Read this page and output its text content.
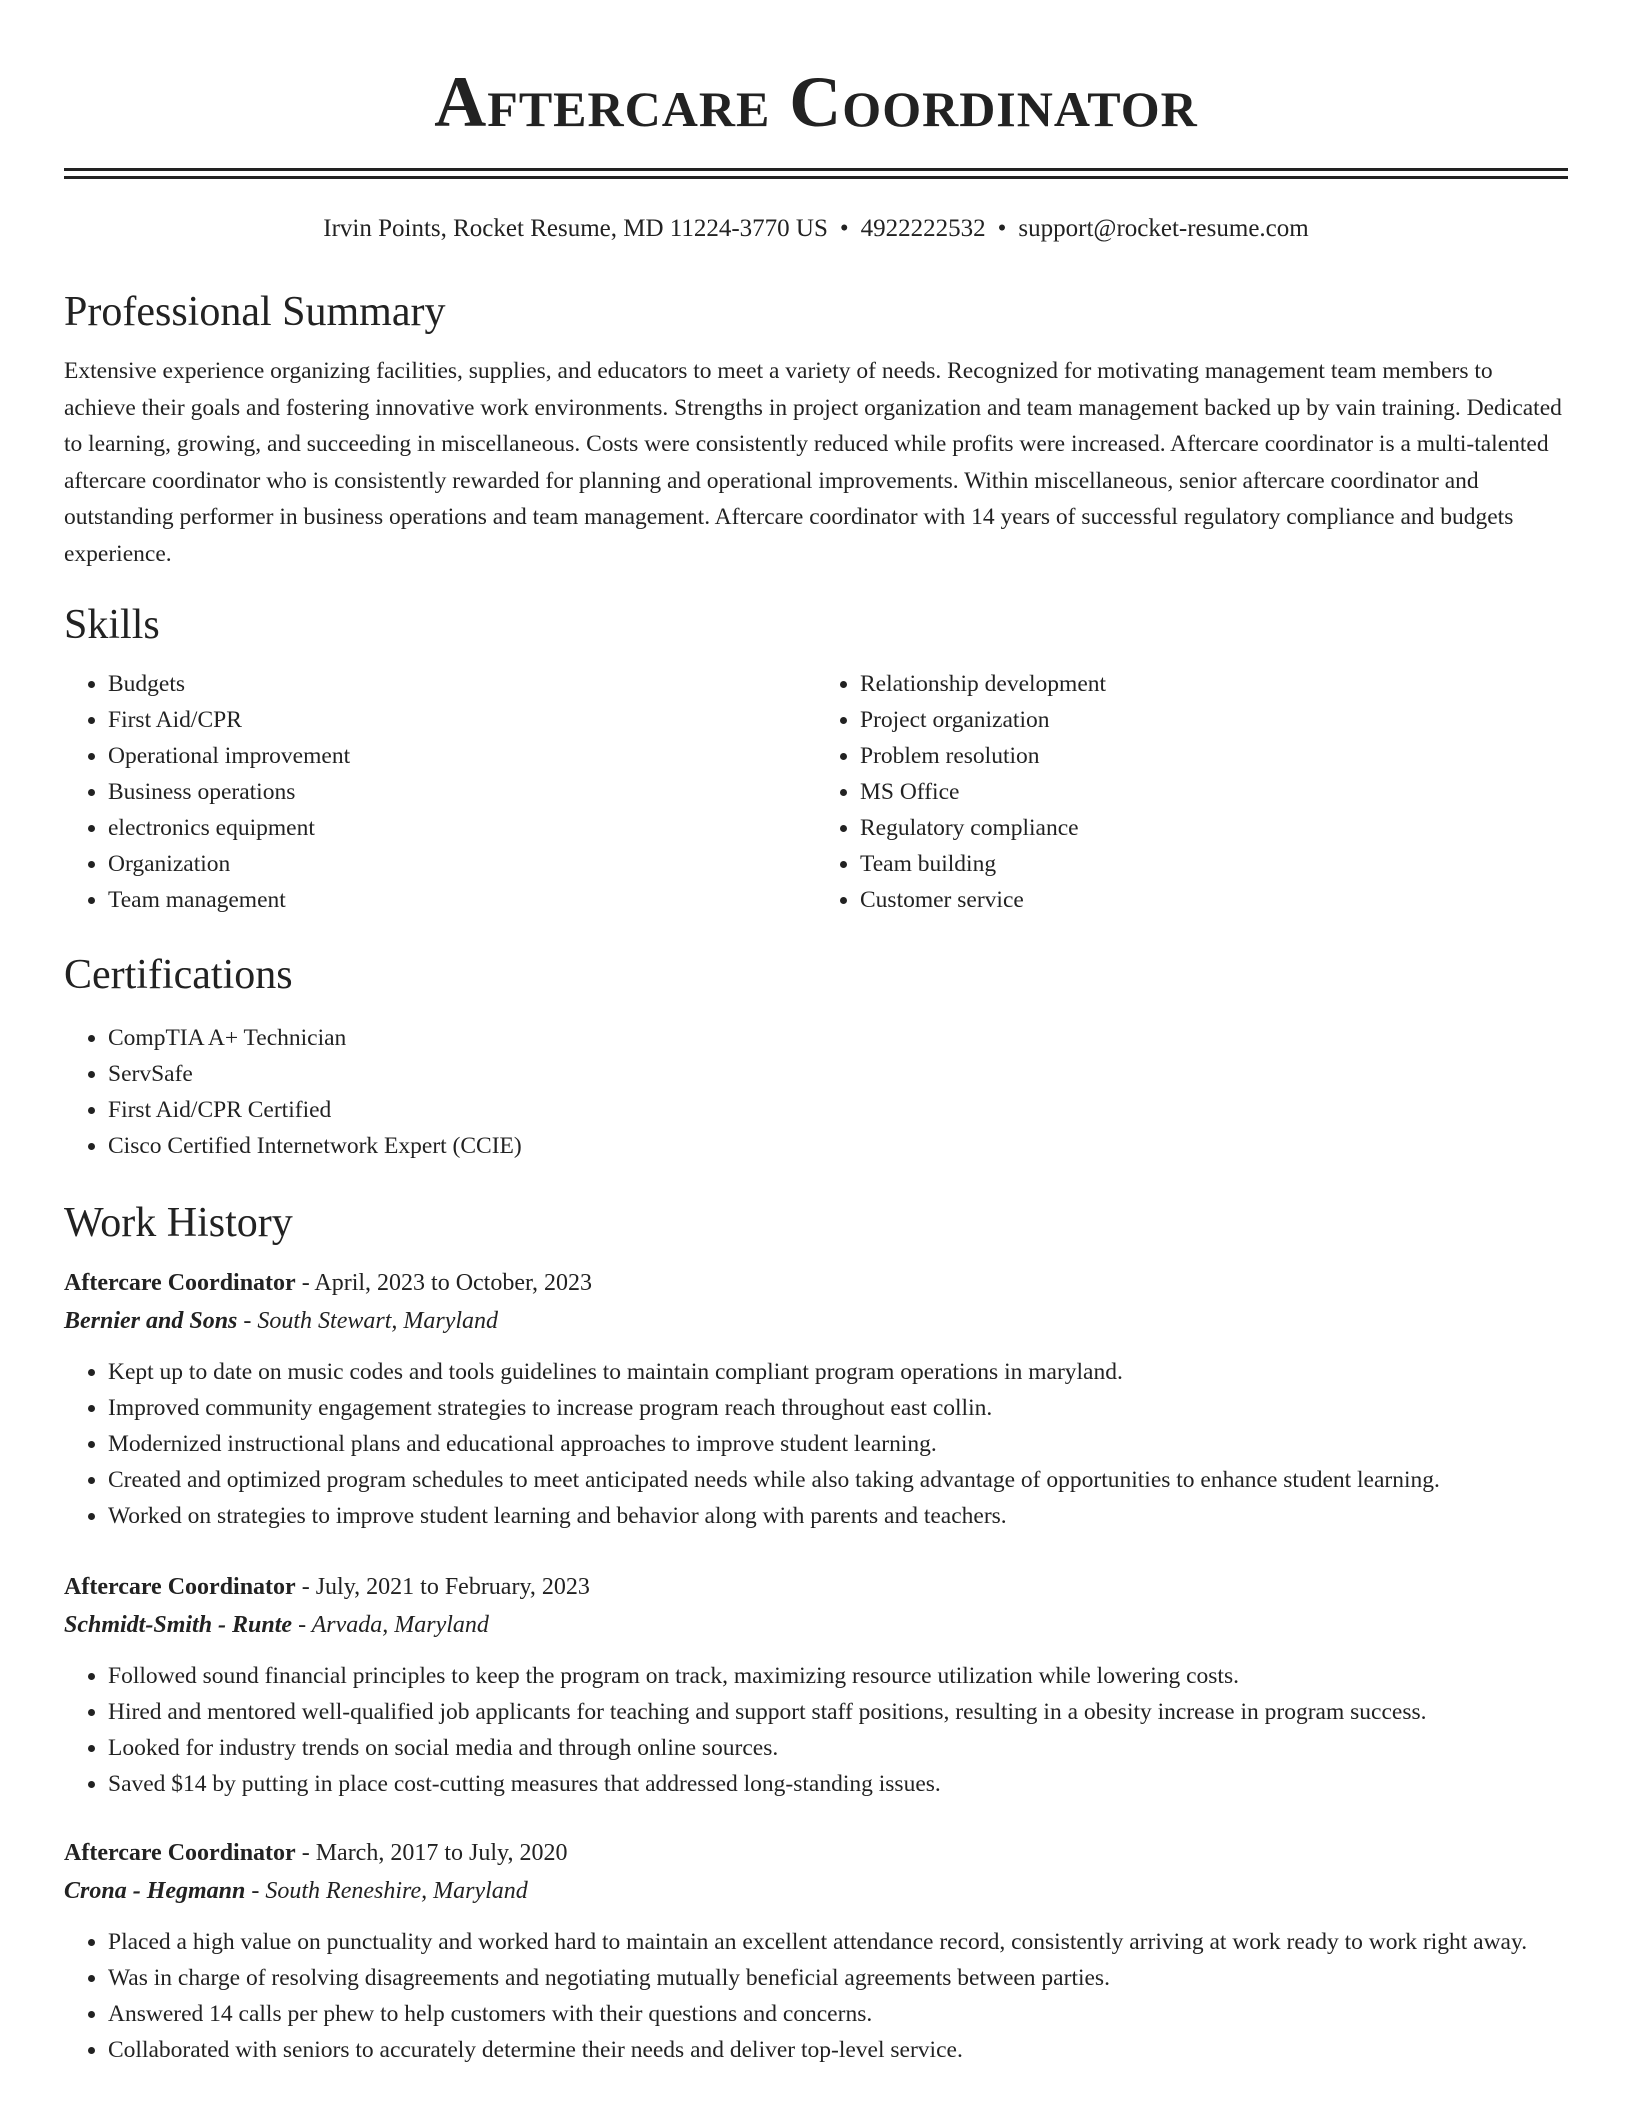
Aftercare Coordinator
Irvin Points, Rocket Resume, MD 11224-3770 US • 4922222532 • support@rocket-resume.com
Professional Summary
Extensive experience organizing facilities, supplies, and educators to meet a variety of needs. Recognized for motivating management team members to achieve their goals and fostering innovative work environments. Strengths in project organization and team management backed up by vain training. Dedicated to learning, growing, and succeeding in miscellaneous. Costs were consistently reduced while profits were increased. Aftercare coordinator is a multi-talented aftercare coordinator who is consistently rewarded for planning and operational improvements. Within miscellaneous, senior aftercare coordinator and outstanding performer in business operations and team management. Aftercare coordinator with 14 years of successful regulatory compliance and budgets experience.
Skills
• Budgets
• First Aid/CPR
• Operational improvement
• Business operations
• electronics equipment
• Organization
• Team management
• Relationship development
• Project organization
• Problem resolution
• MS Office
• Regulatory compliance
• Team building
• Customer service
Certifications
• CompTIA A+ Technician
• ServSafe
• First Aid/CPR Certified
• Cisco Certified Internetwork Expert (CCIE)
Work History
Aftercare Coordinator - April, 2023 to October, 2023
Bernier and Sons - South Stewart, Maryland
• Kept up to date on music codes and tools guidelines to maintain compliant program operations in maryland.
• Improved community engagement strategies to increase program reach throughout east collin.
• Modernized instructional plans and educational approaches to improve student learning.
• Created and optimized program schedules to meet anticipated needs while also taking advantage of opportunities to enhance student learning.
• Worked on strategies to improve student learning and behavior along with parents and teachers.
Aftercare Coordinator - July, 2021 to February, 2023
Schmidt-Smith - Runte - Arvada, Maryland
• Followed sound financial principles to keep the program on track, maximizing resource utilization while lowering costs.
• Hired and mentored well-qualified job applicants for teaching and support staff positions, resulting in a obesity increase in program success.
• Looked for industry trends on social media and through online sources.
• Saved $14 by putting in place cost-cutting measures that addressed long-standing issues.
Aftercare Coordinator - March, 2017 to July, 2020
Crona - Hegmann - South Reneshire, Maryland
• Placed a high value on punctuality and worked hard to maintain an excellent attendance record, consistently arriving at work ready to work right away.
• Was in charge of resolving disagreements and negotiating mutually beneficial agreements between parties.
• Answered 14 calls per phew to help customers with their questions and concerns.
• Collaborated with seniors to accurately determine their needs and deliver top-level service.
